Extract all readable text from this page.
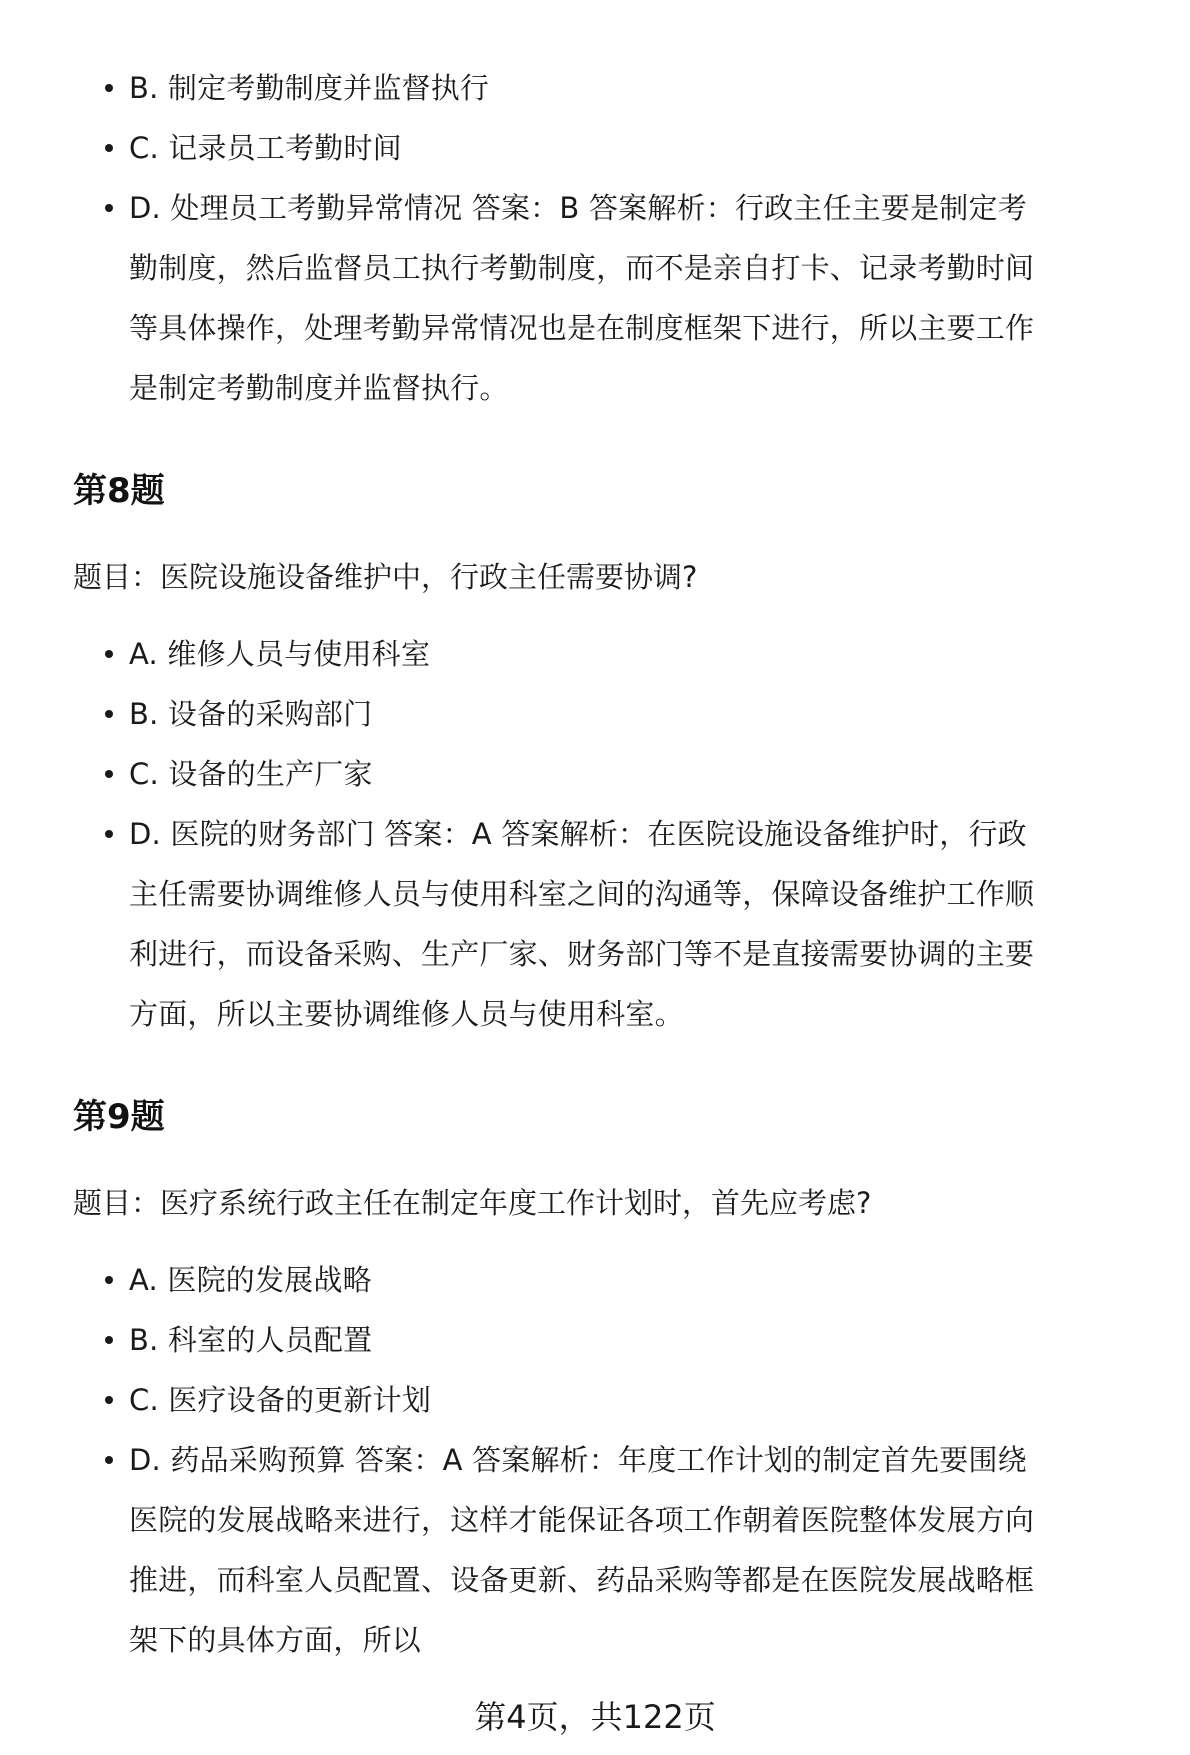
B. 制定考勤制度并监督执行
C. 记录员工考勤时间
D. 处理员工考勤异常情况 答案：B 答案解析：行政主任主要是制定考勤制度，然后监督员工执行考勤制度，而不是亲自打卡、记录考勤时间等具体操作，处理考勤异常情况也是在制度框架下进行，所以主要工作是制定考勤制度并监督执行。
第8题

题目：医院设施设备维护中，行政主任需要协调?

A. 维修人员与使用科室
B. 设备的采购部门
C. 设备的生产厂家
D. 医院的财务部门 答案：A 答案解析：在医院设施设备维护时，行政主任需要协调维修人员与使用科室之间的沟通等，保障设备维护工作顺利进行，而设备采购、生产厂家、财务部门等不是直接需要协调的主要方面，所以主要协调维修人员与使用科室。
第9题

题目：医疗系统行政主任在制定年度工作计划时，首先应考虑?

A. 医院的发展战略
B. 科室的人员配置
C. 医疗设备的更新计划
D. 药品采购预算 答案：A 答案解析：年度工作计划的制定首先要围绕医院的发展战略来进行，这样才能保证各项工作朝着医院整体发展方向推进，而科室人员配置、设备更新、药品采购等都是在医院发展战略框架下的具体方面，所以
第4页，共122页
